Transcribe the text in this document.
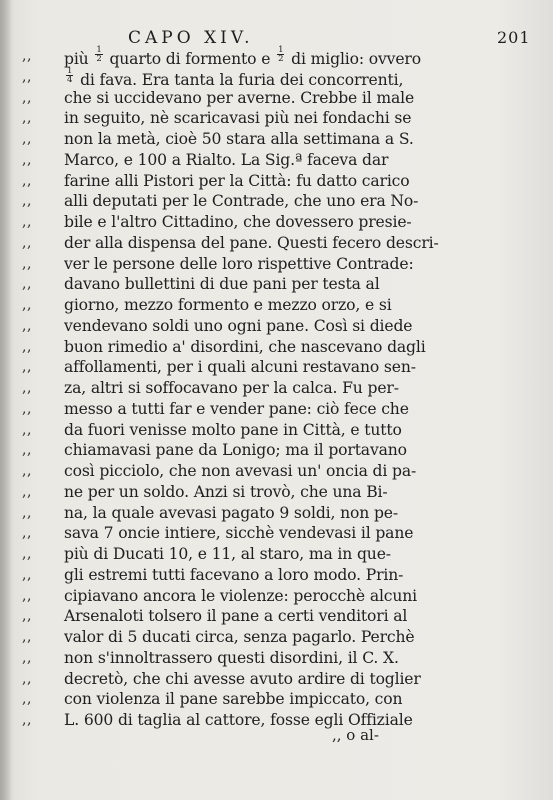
CAPO XIV.	201
,,	più $\frac{1}{2}$ quarto di formento e $\frac{1}{2}$ di miglio: ovvero
,,	$\frac{1}{4}$ di fava. Era tanta la furia dei concorrenti,
,,	che si uccidevano per averne. Crebbe il male
,,	in seguito, nè scaricavasi più nei fondachi se
,,	non la metà, cioè 50 stara alla settimana a S.
,,	Marco, e 100 a Rialto. La Sig.ª faceva dar
,,	farine alli Pistori per la Città: fu datto carico
,,	alli deputati per le Contrade, che uno era No-
,,	bile e l'altro Cittadino, che dovessero presie-
,,	der alla dispensa del pane. Questi fecero descri-
,,	ver le persone delle loro rispettive Contrade:
,,	davano bullettini di due pani per testa al
,,	giorno, mezzo formento e mezzo orzo, e si
,,	vendevano soldi uno ogni pane. Così si diede
,,	buon rimedio a' disordini, che nascevano dagli
,,	affollamenti, per i quali alcuni restavano sen-
,,	za, altri si soffocavano per la calca. Fu per-
,,	messo a tutti far e vender pane: ciò fece che
,,	da fuori venisse molto pane in Città, e tutto
,,	chiamavasi pane da Lonigo; ma il portavano
,,	così picciolo, che non avevasi un' oncia di pa-
,,	ne per un soldo. Anzi si trovò, che una Bi-
,,	na, la quale avevasi pagato 9 soldi, non pe-
,,	sava 7 oncie intiere, sicchè vendevasi il pane
,,	più di Ducati 10, e 11, al staro, ma in que-
,,	gli estremi tutti facevano a loro modo. Prin-
,,	cipiavano ancora le violenze: perocchè alcuni
,,	Arsenaloti tolsero il pane a certi venditori al
,,	valor di 5 ducati circa, senza pagarlo. Perchè
,,	non s'innoltrassero questi disordini, il C. X.
,,	decretò, che chi avesse avuto ardire di toglier
,,	con violenza il pane sarebbe impiccato, con
,,	L. 600 di taglia al cattore, fosse egli Offiziale
,, o al-
